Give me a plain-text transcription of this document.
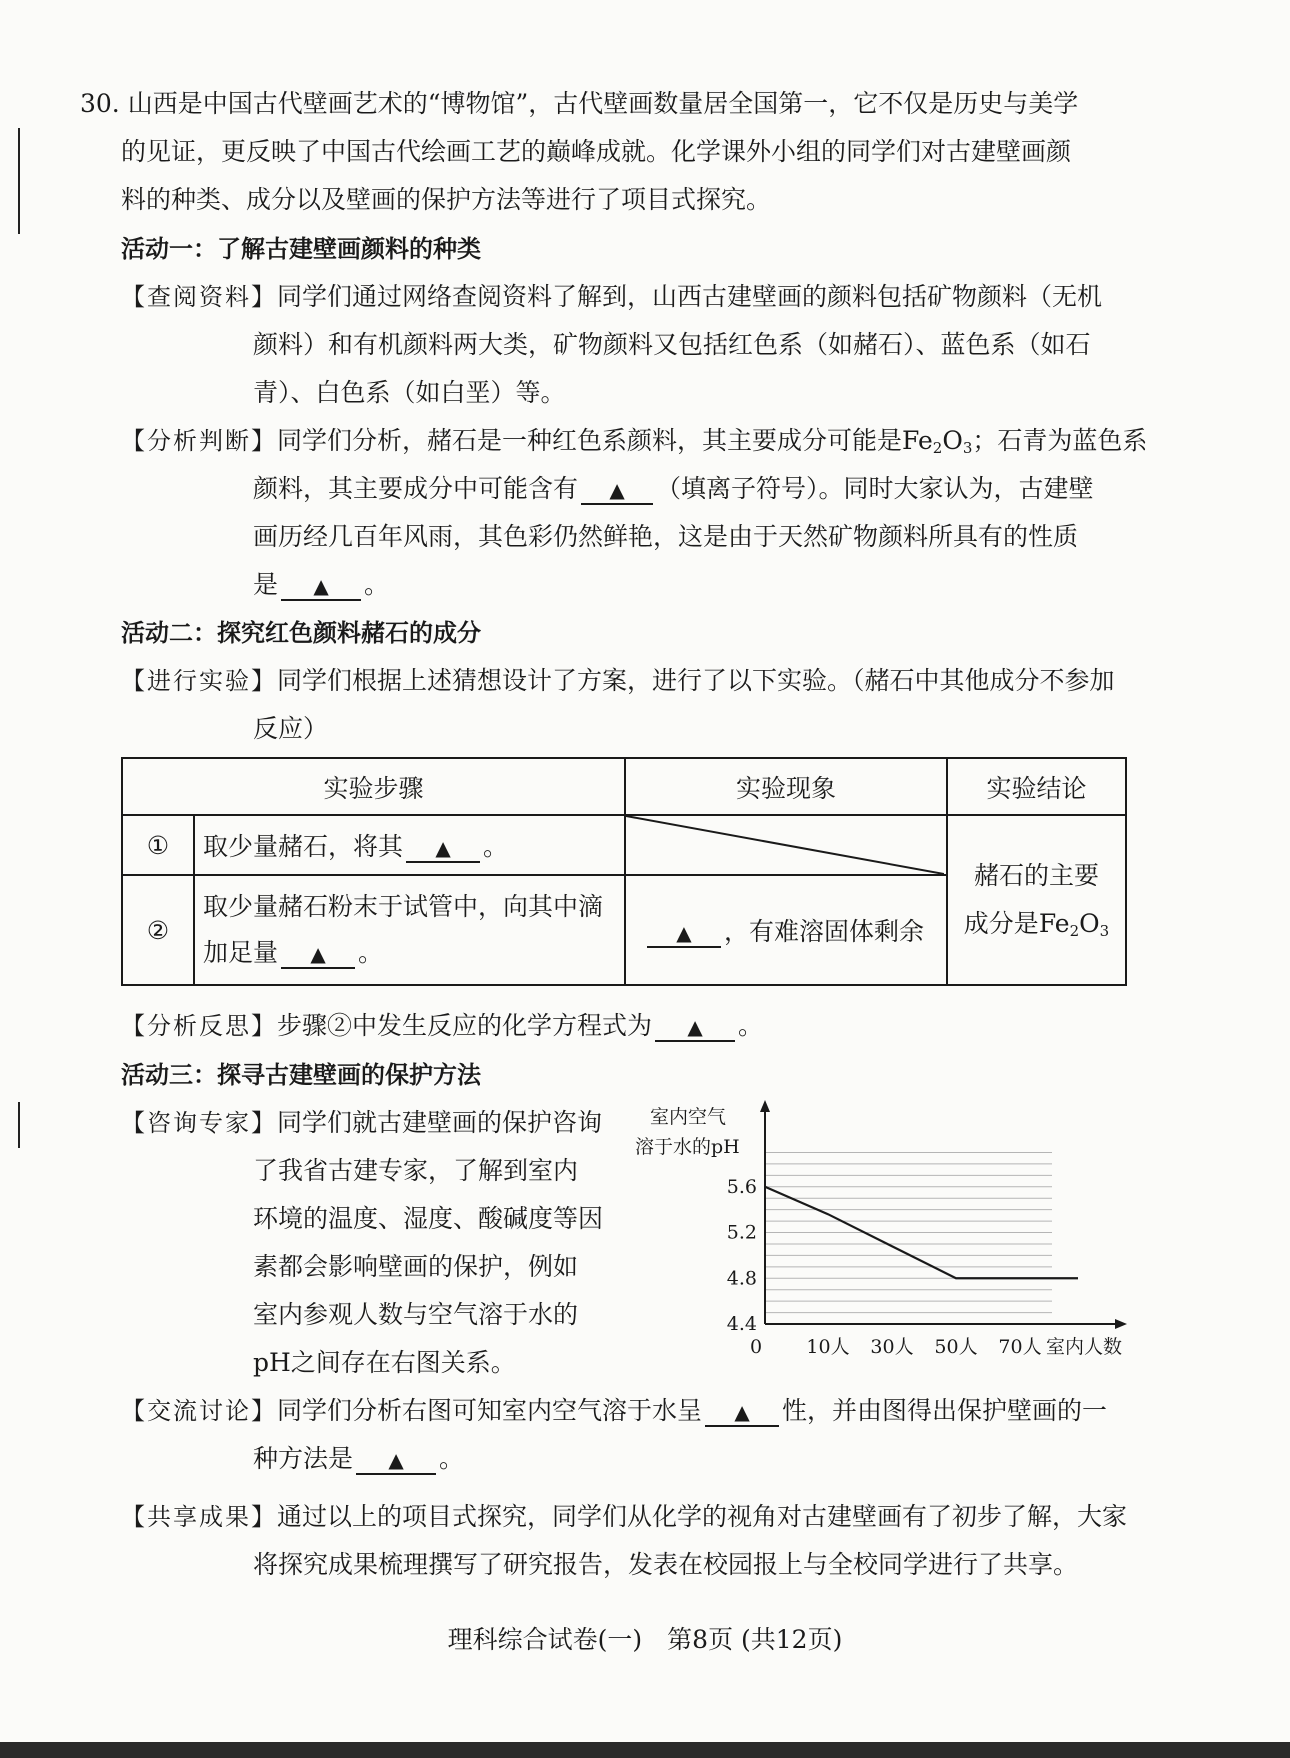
30. 山西是中国古代壁画艺术的“博物馆”，古代壁画数量居全国第一，它不仅是历史与美学
的见证，更反映了中国古代绘画工艺的巅峰成就。化学课外小组的同学们对古建壁画颜
料的种类、成分以及壁画的保护方法等进行了项目式探究。
活动一：了解古建壁画颜料的种类
【查阅资料】同学们通过网络查阅资料了解到，山西古建壁画的颜料包括矿物颜料（无机
颜料）和有机颜料两大类，矿物颜料又包括红色系（如赭石）、蓝色系（如石
青）、白色系（如白垩）等。
【分析判断】同学们分析，赭石是一种红色系颜料，其主要成分可能是$Fe_2O_3$；石青为蓝色系
颜料，其主要成分中可能含有 ▲ （填离子符号）。同时大家认为，古建壁
画历经几百年风雨，其色彩仍然鲜艳，这是由于天然矿物颜料所具有的性质
是 ▲ 。
活动二：探究红色颜料赭石的成分
【进行实验】同学们根据上述猜想设计了方案，进行了以下实验。（赭石中其他成分不参加
反应）
实验步骤		实验现象	实验结论
①	取少量赭石，将其 ▲ 。		赭石的主要
成分是$Fe_2O_3$

②	取少量赭石粉末于试管中，向其中滴
加足量 ▲ 。	▲ ，有难溶固体剩余	
【分析反思】步骤②中发生反应的化学方程式为 ▲ 。
活动三：探寻古建壁画的保护方法
【咨询专家】同学们就古建壁画的保护咨询
了我省古建专家，了解到室内
环境的温度、湿度、酸碱度等因
素都会影响壁画的保护，例如
室内参观人数与空气溶于水的
pH之间存在右图关系。
室内空气
溶于水的pH
5.6
5.2
4.8
4.4
10人 30人 50人 70人
0	室内人数
【交流讨论】同学们分析右图可知室内空气溶于水呈 ▲ 性，并由图得出保护壁画的一
种方法是 ▲ 。
【共享成果】通过以上的项目式探究，同学们从化学的视角对古建壁画有了初步了解，大家
将探究成果梳理撰写了研究报告，发表在校园报上与全校同学进行了共享。
理科综合试卷(一)　第8页 (共12页)
